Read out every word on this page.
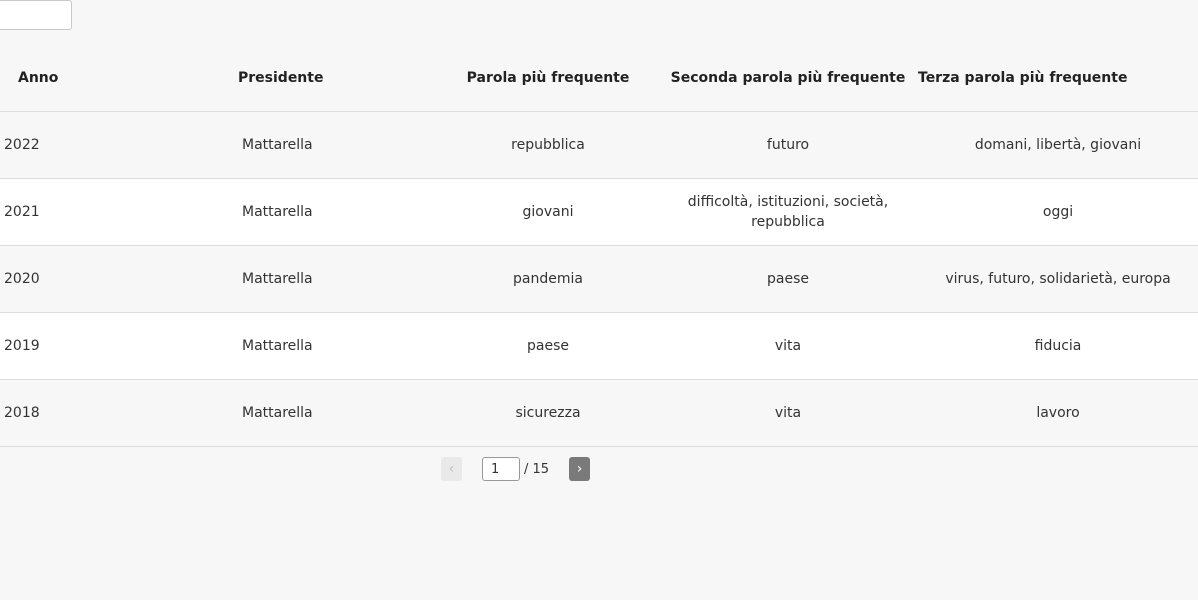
Anno	Presidente	Parola più frequente	Seconda parola più frequente	Terza parola più frequente
2022	Mattarella	repubblica	futuro	domani, libertà, giovani
2021	Mattarella	giovani	difficoltà, istituzioni, società, repubblica	oggi
2020	Mattarella	pandemia	paese	virus, futuro, solidarietà, europa
2019	Mattarella	paese	vita	fiducia
2018	Mattarella	sicurezza	vita	lavoro
‹	1	/ 15 ›
